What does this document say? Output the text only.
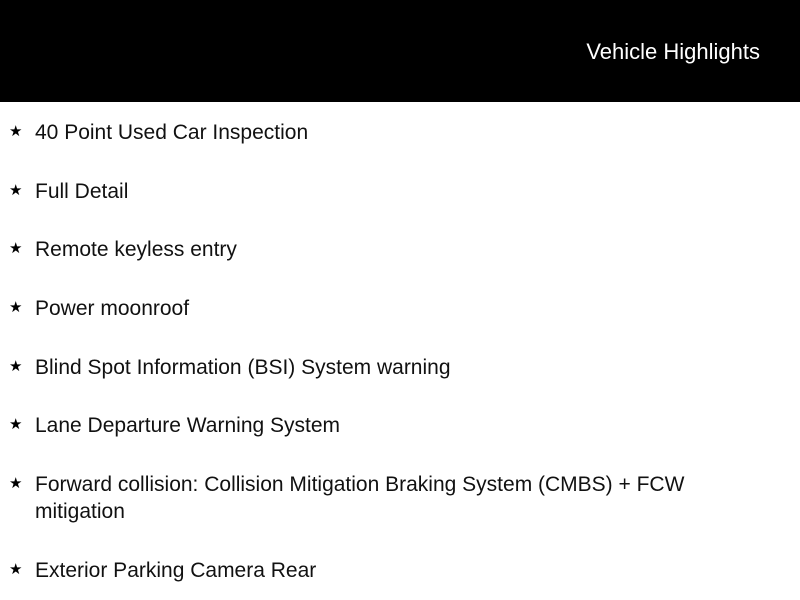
Vehicle Highlights
★ 40 Point Used Car Inspection
★ Full Detail
★ Remote keyless entry
★ Power moonroof
★ Blind Spot Information (BSI) System warning
★ Lane Departure Warning System
★ Forward collision: Collision Mitigation Braking System (CMBS) + FCW mitigation
★ Exterior Parking Camera Rear
